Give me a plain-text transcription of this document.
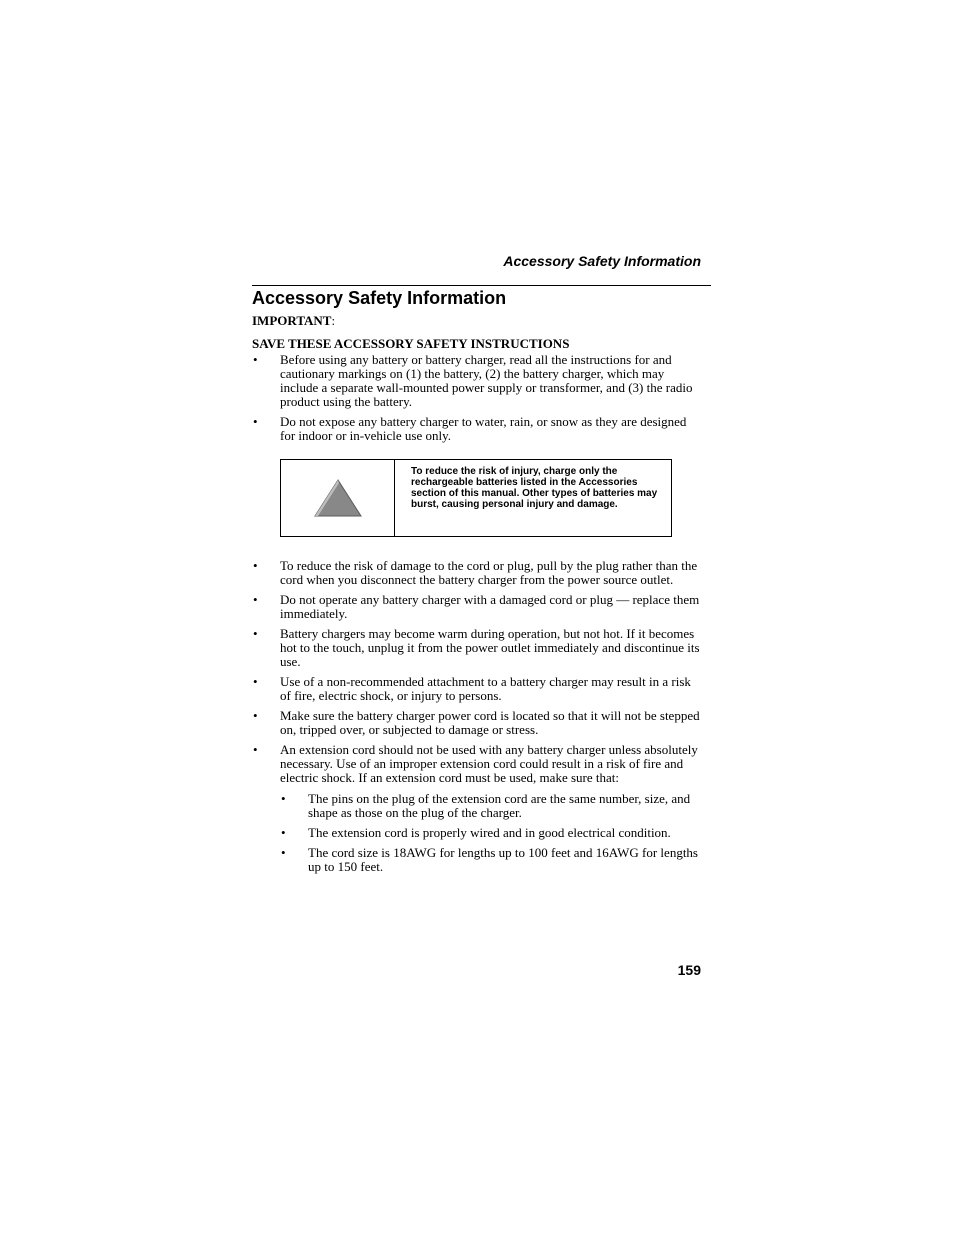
Accessory Safety Information
Accessory Safety Information
IMPORTANT:
SAVE THESE ACCESSORY SAFETY INSTRUCTIONS
• Before using any battery or battery charger, read all the instructions for and cautionary markings on (1) the battery, (2) the battery charger, which may include a separate wall-mounted power supply or transformer, and (3) the radio product using the battery.
• Do not expose any battery charger to water, rain, or snow as they are designed for indoor or in-vehicle use only.
To reduce the risk of injury, charge only the rechargeable batteries listed in the Accessories section of this manual. Other types of batteries may burst, causing personal injury and damage.
• To reduce the risk of damage to the cord or plug, pull by the plug rather than the cord when you disconnect the battery charger from the power source outlet.
• Do not operate any battery charger with a damaged cord or plug — replace them immediately.
• Battery chargers may become warm during operation, but not hot. If it becomes hot to the touch, unplug it from the power outlet immediately and discontinue its use.
• Use of a non-recommended attachment to a battery charger may result in a risk of fire, electric shock, or injury to persons.
• Make sure the battery charger power cord is located so that it will not be stepped on, tripped over, or subjected to damage or stress.
• An extension cord should not be used with any battery charger unless absolutely necessary. Use of an improper extension cord could result in a risk of fire and electric shock. If an extension cord must be used, make sure that:
• The pins on the plug of the extension cord are the same number, size, and shape as those on the plug of the charger.
• The extension cord is properly wired and in good electrical condition.
• The cord size is 18AWG for lengths up to 100 feet and 16AWG for lengths up to 150 feet.
159
